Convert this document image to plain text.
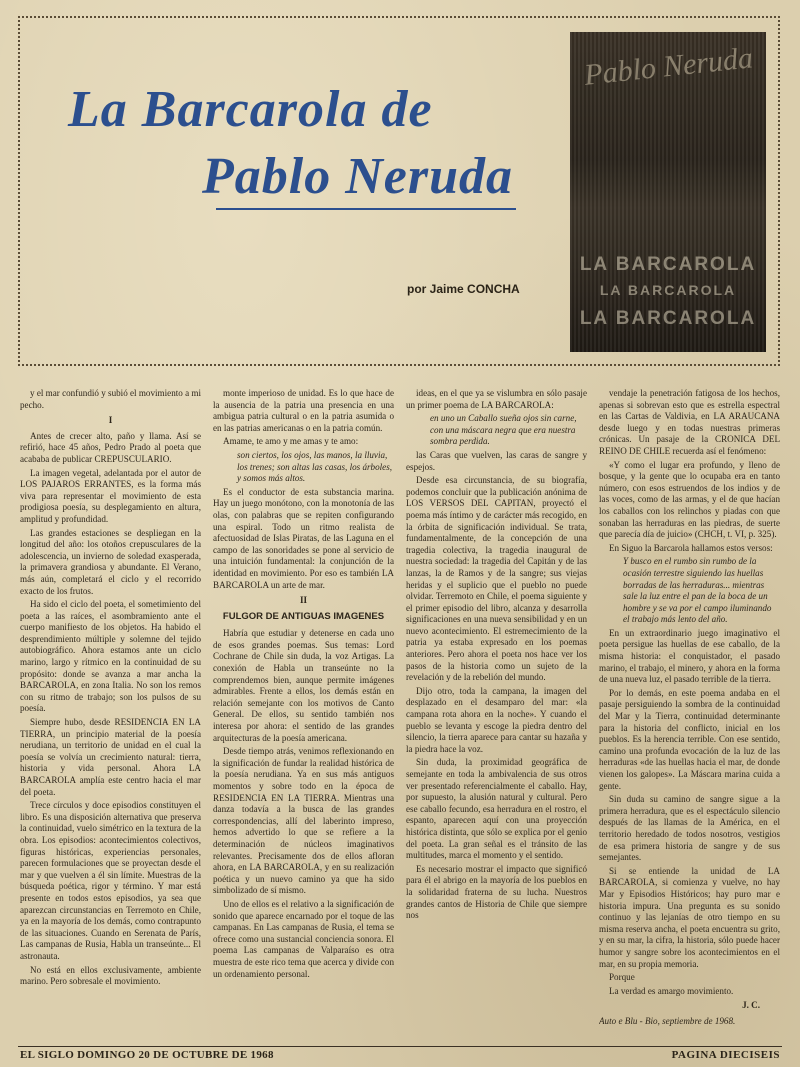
La Barcarola de
Pablo Neruda
por Jaime CONCHA
Pablo Neruda
LA BARCAROLA
LA BARCAROLA
LA BARCAROLA

y el mar confundió y subió el movimiento a mi pecho.

I

Antes de crecer alto, paño y llama. Así se refirió, hace 45 años, Pedro Prado al poeta que acababa de publicar CREPUSCULARIO.

La imagen vegetal, adelantada por el autor de LOS PAJAROS ERRANTES, es la forma más viva para representar el movimiento de esta prodigiosa poesía, su desplegamiento en altura, amplitud y profundidad.

Las grandes estaciones se despliegan en la longitud del año: los otoños crepusculares de la adolescencia, un invierno de soledad exasperada, la primavera grandiosa y abundante. El Verano, más aún, completará el ciclo y el recorrido exacto de los frutos.

Ha sido el ciclo del poeta, el sometimiento del poeta a las raíces, el asombramiento ante el cuerpo manifiesto de los objetos. Ha habido el desprendimiento múltiple y solemne del tejido autobiográfico. Ahora estamos ante un ciclo marino, largo y rítmico en la continuidad de su propósito: donde se avanza a mar ancha la BARCAROLA, en zona Italia. No son los remos con su ritmo de trabajo; son los pulsos de su poesía.

Siempre hubo, desde RESIDENCIA EN LA TIERRA, un principio material de la poesía nerudiana, un territorio de unidad en el cual la poesía se volvía un crecimiento natural: tierra, historia y vida personal. Ahora LA BARCAROLA amplía este centro hacia el mar del poeta.

Trece círculos y doce episodios constituyen el libro. Es una disposición alternativa que preserva la continuidad, vuelo simétrico en la textura de la obra. Los episodios: acontecimientos colectivos, figuras históricas, experiencias personales, parecen formulaciones que se proyectan desde el mar y que vuelven a él sin límite. Muestras de la búsqueda poética, rigor y término. Y mar está presente en todos estos episodios, ya sea que aparezcan circunstancias en Terremoto en Chile, ya en la mayoría de los demás, como contrapunto de las situaciones. Cuando en Serenata de París, Las campanas de Rusia, Habla un transeúnte... El astronauta.

No está en ellos exclusivamente, ambiente marino. Pero sobresale el movimiento.

monte imperioso de unidad. Es lo que hace de la ausencia de la patria una presencia en una ambigua patria cultural o en la patria asumida o en las patrias americanas o en la patria común.

Amame, te amo y me amas y te amo:

son ciertos, los ojos, las manos, la lluvia, los trenes; son altas las casas, los árboles, y somos más altos.

Es el conductor de esta substancia marina. Hay un juego monótono, con la monotonía de las olas, con palabras que se repiten configurando una espiral. Todo un ritmo realista de afectuosidad de Islas Piratas, de las Laguna en el campo de las sonoridades se pone al servicio de una intuición fundamental: la conjunción de la identidad en movimiento. Por eso es también LA BARCAROLA un arte de mar.

II
FULGOR DE ANTIGUAS IMAGENES

Habría que estudiar y detenerse en cada uno de esos grandes poemas. Sus temas: Lord Cochrane de Chile sin duda, la voz Artigas. La conexión de Habla un transeúnte no la comprendemos bien, aunque permite imágenes admirables. Frente a ellos, los demás están en relación semejante con los motivos de Canto General. De ellos, su sentido también nos interesa por ahora: el sentido de las grandes arquitecturas de la poesía americana.

Desde tiempo atrás, venimos reflexionando en la significación de fundar la realidad histórica de la poesía nerudiana. Ya en sus más antiguos momentos y sobre todo en la época de RESIDENCIA EN LA TIERRA. Mientras una danza todavía a la busca de las grandes correspondencias, allí del laberinto impreso, hemos advertido lo que se refiere a la determinación de núcleos imaginativos relevantes. Precisamente dos de ellos afloran ahora, en LA BARCAROLA, y en su realización poética y un nuevo camino ya que ha sido simbolizado de sí mismo.

Uno de ellos es el relativo a la significación de sonido que aparece encarnado por el toque de las campanas. En Las campanas de Rusia, el tema se ofrece como una sustancial conciencia sonora. El poema Las campanas de Valparaíso es otra muestra de este rico tema que acerca y divide con un ordenamiento personal.

ideas, en el que ya se vislumbra en sólo pasaje un primer poema de LA BARCAROLA:

en uno un Caballo sueña ojos sin carne, con una máscara negra que era nuestra sombra perdida.

las Caras que vuelven, las caras de sangre y espejos.

Desde esa circunstancia, de su biografía, podemos concluir que la publicación anónima de LOS VERSOS DEL CAPITAN, proyectó el poema más íntimo y de carácter más recogido, en la órbita de significación individual. Se trata, fundamentalmente, de la concepción de una tragedia colectiva, la tragedia inaugural de nuestra sociedad: la tragedia del Capitán y de las lanzas, la de Ramos y de la sangre; sus viejas heridas y el suplicio que el pueblo no puede olvidar. Terremoto en Chile, el poema siguiente y el primer episodio del libro, alcanza y desarrolla significaciones en una nueva sensibilidad y en un nuevo acontecimiento. El estremecimiento de la patria ya estaba expresado en los poemas anteriores. Pero ahora el poeta nos hace ver los pasos de la historia como un sujeto de la revelación y de la rebelión del mundo.

Dijo otro, toda la campana, la imagen del desplazado en el desamparo del mar: «la campana rota ahora en la noche». Y cuando el pueblo se levanta y escoge la piedra dentro del silencio, la tierra aparece para cantar su hazaña y la piedra hace la voz.

Sin duda, la proximidad geográfica de semejante en toda la ambivalencia de sus otros ver presentado referencialmente el caballo. Hay, por supuesto, la alusión natural y cultural. Pero ese caballo fecundo, esa herradura en el rostro, el espanto, aparecen aquí con una proyección histórica distinta, que sólo se explica por el genio del poeta. La gran señal es el tránsito de las multitudes, marca el momento y el sentido.

Es necesario mostrar el impacto que significó para él el abrigo en la mayoría de los pueblos en la solidaridad fraterna de su lucha. Nuestros grandes cantos de Historia de Chile que siempre nos

vendaje la penetración fatigosa de los hechos, apenas si sobrevan esto que es estrella espectral en las Cartas de Valdivia, en LA ARAUCANA desde luego y en todas nuestras primeras crónicas. Un pasaje de la CRONICA DEL REINO DE CHILE recuerda así el fenómeno:

«Y como el lugar era profundo, y lleno de bosque, y la gente que lo ocupaba era en tanto número, con esos estruendos de los indios y de las voces, como de las armas, y el de que hacían los caballos con los relinchos y piadas con que sonaban las herraduras en las piedras, de suerte que parecía día de juicio» (CHCH, t. VI, p. 325).

En Siguo la Barcarola hallamos estos versos:

Y busco en el rumbo sin rumbo de la ocasión terrestre siguiendo las huellas borradas de las herraduras... mientras sale la luz entre el pan de la boca de un hombre y se va por el campo iluminando el trabajo más lento del año.

En un extraordinario juego imaginativo el poeta persigue las huellas de ese caballo, de la misma historia: el conquistador, el pasado marino, el trabajo, el minero, y ahora en la forma de una nueva luz, el pasado terrible de la tierra.

Por lo demás, en este poema andaba en el pasaje persiguiendo la sombra de la continuidad del Mar y la Tierra, continuidad determinante para la historia del conflicto, inicial en los pueblos. Es la herencia terrible. Con ese sentido, camino una profunda evocación de la luz de las herraduras «de las huellas hacia el mar, de donde vienen los galopes». La Máscara marina cuida a gente.

Sin duda su camino de sangre sigue a la primera herradura, que es el espectáculo silencio después de las llamas de la América, en el territorio heredado de todos nosotros, vestigios de esa primera historia de sangre y de sus semejantes.

Si se entiende la unidad de LA BARCAROLA, si comienza y vuelve, no hay Mar y Episodios Históricos; hay puro mar e historia impura. Una pregunta es su sonido continuo y las lejanías de otro tiempo en su misma reserva ancha, el poeta encuentra su grito, y en su mar, la cifra, la historia, sólo puede hacer humor y sangre sobre los acontecimientos en el mar, en su propia memoria.

Porque

La verdad es amargo movimiento.

J. C.

Auto e Blu - Bio, septiembre de 1968.

EL SIGLO DOMINGO 20 DE OCTUBRE DE 1968	PAGINA DIECISEIS
